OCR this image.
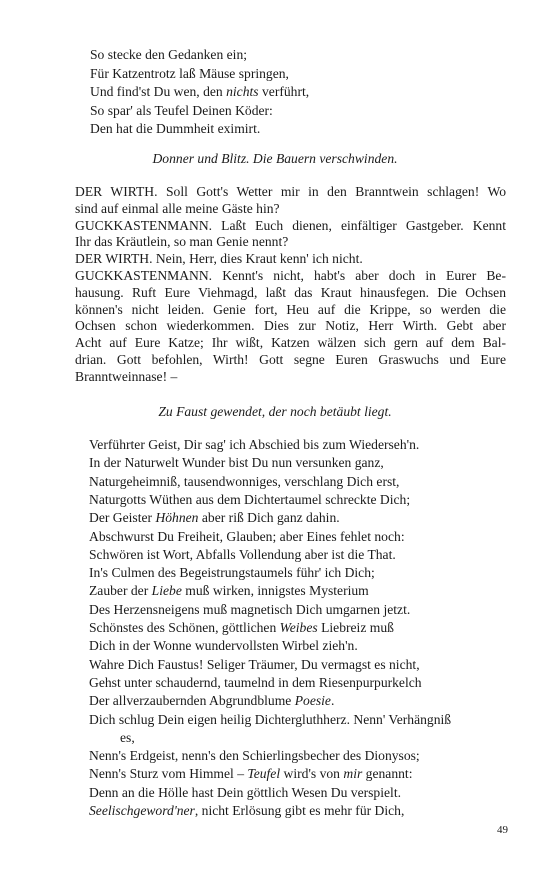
So stecke den Gedanken ein;
Für Katzentrotz laß Mäuse springen,
Und find'st Du wen, den nichts verführt,
So spar' als Teufel Deinen Köder:
Den hat die Dummheit eximirt.
Donner und Blitz. Die Bauern verschwinden.
DER WIRTH. Soll Gott's Wetter mir in den Branntwein schlagen! Wo
sind auf einmal alle meine Gäste hin?
GUCKKASTENMANN. Laßt Euch dienen, einfältiger Gastgeber. Kennt
Ihr das Kräutlein, so man Genie nennt?
DER WIRTH. Nein, Herr, dies Kraut kenn' ich nicht.
GUCKKASTENMANN. Kennt's nicht, habt's aber doch in Eurer Be-
hausung. Ruft Eure Viehmagd, laßt das Kraut hinausfegen. Die Ochsen
können's nicht leiden. Genie fort, Heu auf die Krippe, so werden die
Ochsen schon wiederkommen. Dies zur Notiz, Herr Wirth. Gebt aber
Acht auf Eure Katze; Ihr wißt, Katzen wälzen sich gern auf dem Bal-
drian. Gott befohlen, Wirth! Gott segne Euren Graswuchs und Eure
Branntweinnase! –
Zu Faust gewendet, der noch betäubt liegt.
Verführter Geist, Dir sag' ich Abschied bis zum Wiederseh'n.
In der Naturwelt Wunder bist Du nun versunken ganz,
Naturgeheimniß, tausendwonniges, verschlang Dich erst,
Naturgotts Wüthen aus dem Dichtertaumel schreckte Dich;
Der Geister Höhnen aber riß Dich ganz dahin.
Abschwurst Du Freiheit, Glauben; aber Eines fehlet noch:
Schwören ist Wort, Abfalls Vollendung aber ist die That.
In's Culmen des Begeistrungstaumels führ' ich Dich;
Zauber der Liebe muß wirken, innigstes Mysterium
Des Herzensneigens muß magnetisch Dich umgarnen jetzt.
Schönstes des Schönen, göttlichen Weibes Liebreiz muß
Dich in der Wonne wundervollsten Wirbel zieh'n.
Wahre Dich Faustus! Seliger Träumer, Du vermagst es nicht,
Gehst unter schaudernd, taumelnd in dem Riesenpurpurkelch
Der allverzaubernden Abgrundblume Poesie.
Dich schlug Dein eigen heilig Dichtergluthherz. Nenn' Verhängniß
es,
Nenn's Erdgeist, nenn's den Schierlingsbecher des Dionysos;
Nenn's Sturz vom Himmel – Teufel wird's von mir genannt:
Denn an die Hölle hast Dein göttlich Wesen Du verspielt.
Seelischgeword'ner, nicht Erlösung gibt es mehr für Dich,
49
